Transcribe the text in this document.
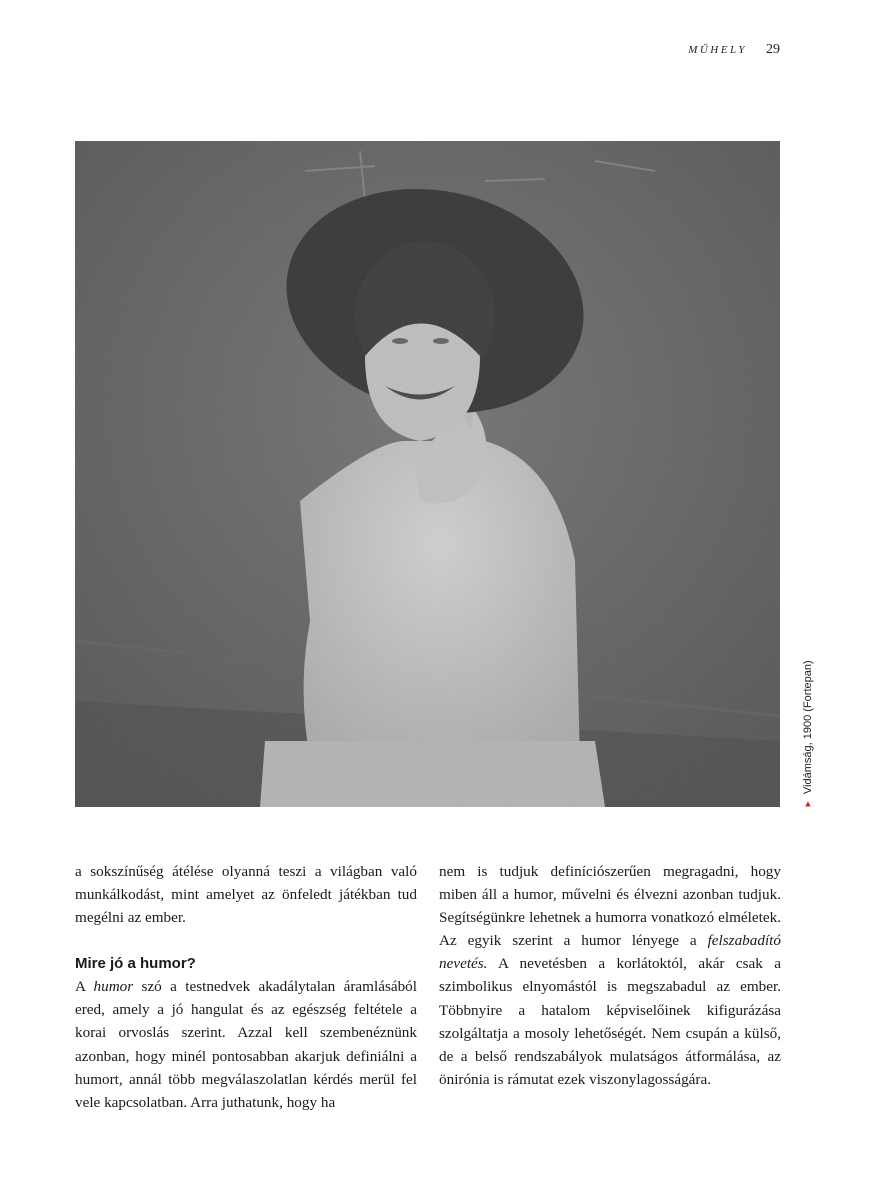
MŰHELY 29
▲Vidámság, 1900 (Fortepan)

a sokszínűség átélése olyanná teszi a világban való munkálkodást, mint amelyet az önfeledt játékban tud megélni az ember.

Mire jó a humor?

A humor szó a testnedvek akadálytalan áramlásából ered, amely a jó hangulat és az egészség feltétele a korai orvoslás szerint. Azzal kell szembenéznünk azonban, hogy minél pontosabban akarjuk definiálni a humort, annál több megválaszolatlan kérdés merül fel vele kapcsolatban. Arra juthatunk, hogy ha

nem is tudjuk definíciószerűen megragadni, hogy miben áll a humor, művelni és élvezni azonban tudjuk. Segítségünkre lehetnek a humorra vonatkozó elméletek. Az egyik szerint a humor lényege a felszabadító nevetés. A nevetésben a korlátoktól, akár csak a szimbolikus elnyomástól is megszabadul az ember. Többnyire a hatalom képviselőinek kifigurázása szolgáltatja a mosoly lehetőségét. Nem csupán a külső, de a belső rendszabályok mulatságos átformálása, az önirónia is rámutat ezek viszonylagosságára.
